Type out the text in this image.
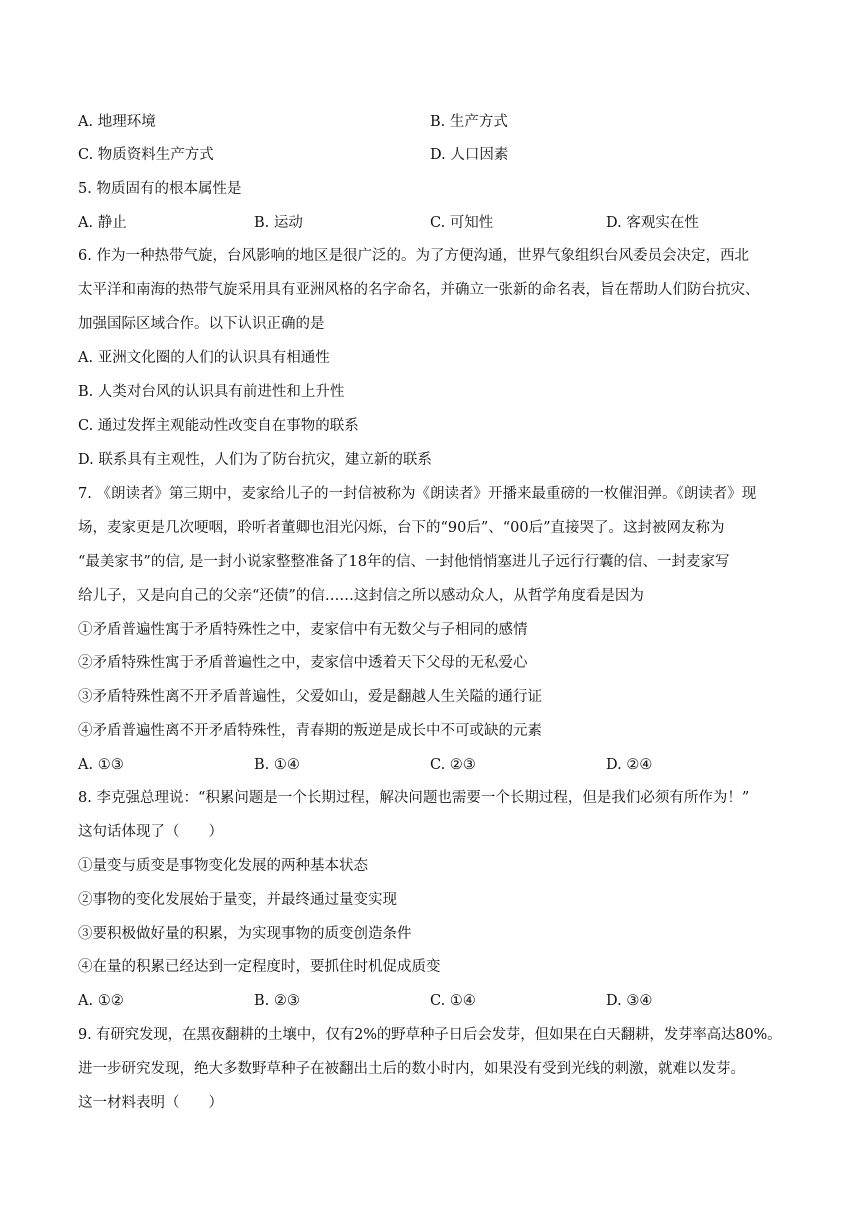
A. 地理环境	B. 生产方式
C. 物质资料生产方式	D. 人口因素
5. 物质固有的根本属性是
A. 静止	B. 运动	C. 可知性	D. 客观实在性
6. 作为一种热带气旋，台风影响的地区是很广泛的。为了方便沟通，世界气象组织台风委员会决定，西北
太平洋和南海的热带气旋采用具有亚洲风格的名字命名，并确立一张新的命名表，旨在帮助人们防台抗灾、
加强国际区域合作。以下认识正确的是
A. 亚洲文化圈的人们的认识具有相通性
B. 人类对台风的认识具有前进性和上升性
C. 通过发挥主观能动性改变自在事物的联系
D. 联系具有主观性，人们为了防台抗灾，建立新的联系
7. 《朗读者》第三期中，麦家给儿子的一封信被称为《朗读者》开播来最重磅的一枚催泪弹。《朗读者》现
场，麦家更是几次哽咽，聆听者董卿也泪光闪烁，台下的“90后”、“00后”直接哭了。这封被网友称为
“最美家书”的信, 是一封小说家整整准备了18年的信、一封他悄悄塞进儿子远行行囊的信、一封麦家写
给儿子，又是向自己的父亲“还债”的信……这封信之所以感动众人，从哲学角度看是因为
①矛盾普遍性寓于矛盾特殊性之中，麦家信中有无数父与子相同的感情
②矛盾特殊性寓于矛盾普遍性之中，麦家信中透着天下父母的无私爱心
③矛盾特殊性离不开矛盾普遍性，父爱如山，爱是翻越人生关隘的通行证
④矛盾普遍性离不开矛盾特殊性，青春期的叛逆是成长中不可或缺的元素
A. ①③	B. ①④	C. ②③	D. ②④
8. 李克强总理说：“积累问题是一个长期过程，解决问题也需要一个长期过程，但是我们必须有所作为！”
这句话体现了（　　）
①量变与质变是事物变化发展的两种基本状态
②事物的变化发展始于量变，并最终通过量变实现
③要积极做好量的积累，为实现事物的质变创造条件
④在量的积累已经达到一定程度时，要抓住时机促成质变
A. ①②	B. ②③	C. ①④	D. ③④
9. 有研究发现，在黑夜翻耕的土壤中，仅有2%的野草种子日后会发芽，但如果在白天翻耕，发芽率高达80%。
进一步研究发现，绝大多数野草种子在被翻出土后的数小时内，如果没有受到光线的刺激，就难以发芽。
这一材料表明（　　）
